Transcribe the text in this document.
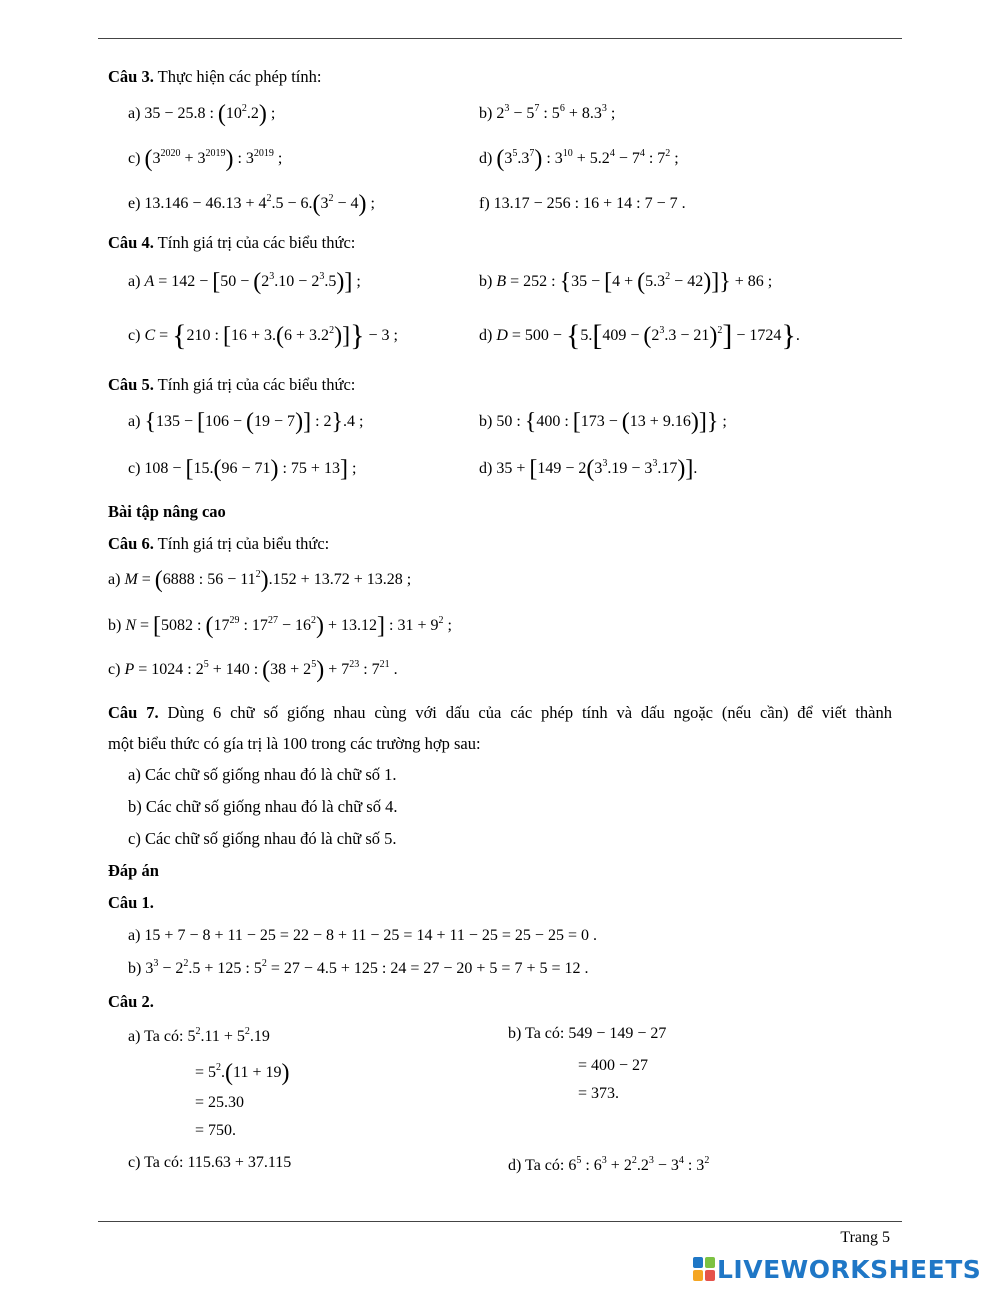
Câu 3. Thực hiện các phép tính:
a) 35 − 25.8 : $(10^2.2)$ ;	b) $2^3 - 5^7$ : $5^6 + 8.3^3$ ;
c) $(3^{2020} + 3^{2019})$ : $3^{2019}$ ;	d) $(3^5.3^7)$ : $3^{10} + 5.2^4 - 7^4$ : $7^2$ ;
e) $13.146 - 46.13 + 4^2.5 - 6.(3^2 - 4)$ ;	f) 13.17 − 256 : 16 + 14 : 7 − 7 .
Câu 4. Tính giá trị của các biểu thức:
a) $A = 142 - [50 - (2^3.10 - 2^3.5)]$ ;	b) B = 252 : $\{35 - [4 + (5.3^2 - 42)]\} + 86$ ;
c) C = {210 : $[16 + 3.(6 + 3.2^2)]\} - 3$ ;	d) $D = 500 - \{5.[409 - (2^3.3 - 21)^2] - 1724\}$.
Câu 5. Tính giá trị của các biểu thức:
a) {135 − [106 − (19 − 7)] : 2}.4 ;	b) 50 : {400 : [173 − (13 + 9.16)]} ;
c) 108 − [15.(96 − 71) : 75 + 13] ;	d) $35 + [149 - 2(3^3.19 - 3^3.17)]$.
Bài tập nâng cao
Câu 6. Tính giá trị của biểu thức:
a) M = (6888 : $56 - 11^2).152 + 13.72 + 13.28$ ;
b) N = [5082 : ($17^{29}$ : $17^{27} - 16^2) + 13.12$] : $31 + 9^2$ ;
c) P = 1024 : $2^5 + 140$ : $(38 + 2^5) + 7^{23}$ : $7^{21}$ .
Câu 7. Dùng 6 chữ số giống nhau cùng với dấu của các phép tính và dấu ngoặc (nếu cần) để viết thành
một biểu thức có gía trị là 100 trong các trường hợp sau:
a) Các chữ số giống nhau đó là chữ số 1.
b) Các chữ số giống nhau đó là chữ số 4.
c) Các chữ số giống nhau đó là chữ số 5.
Đáp án
Câu 1.
a) 15 + 7 − 8 + 11 − 25 = 22 − 8 + 11 − 25 = 14 + 11 − 25 = 25 − 25 = 0 .
b) $3^3 - 2^2.5 + 125$ : $5^2 = 27 - 4.5 + 125$ : 24 = 27 − 20 + 5 = 7 + 5 = 12 .
Câu 2.
a) Ta có: $5^2.11 + 5^2.19$
= $5^2.(11 + 19)$
= 25.30
= 750.
b) Ta có: 549 − 149 − 27
= 400 − 27
= 373.
c) Ta có: 115.63 + 37.115	d) Ta có: $6^5$ : $6^3 + 2^2.2^3 - 3^4$ : $3^2$
Trang 5
LIVEWORKSHEETS
